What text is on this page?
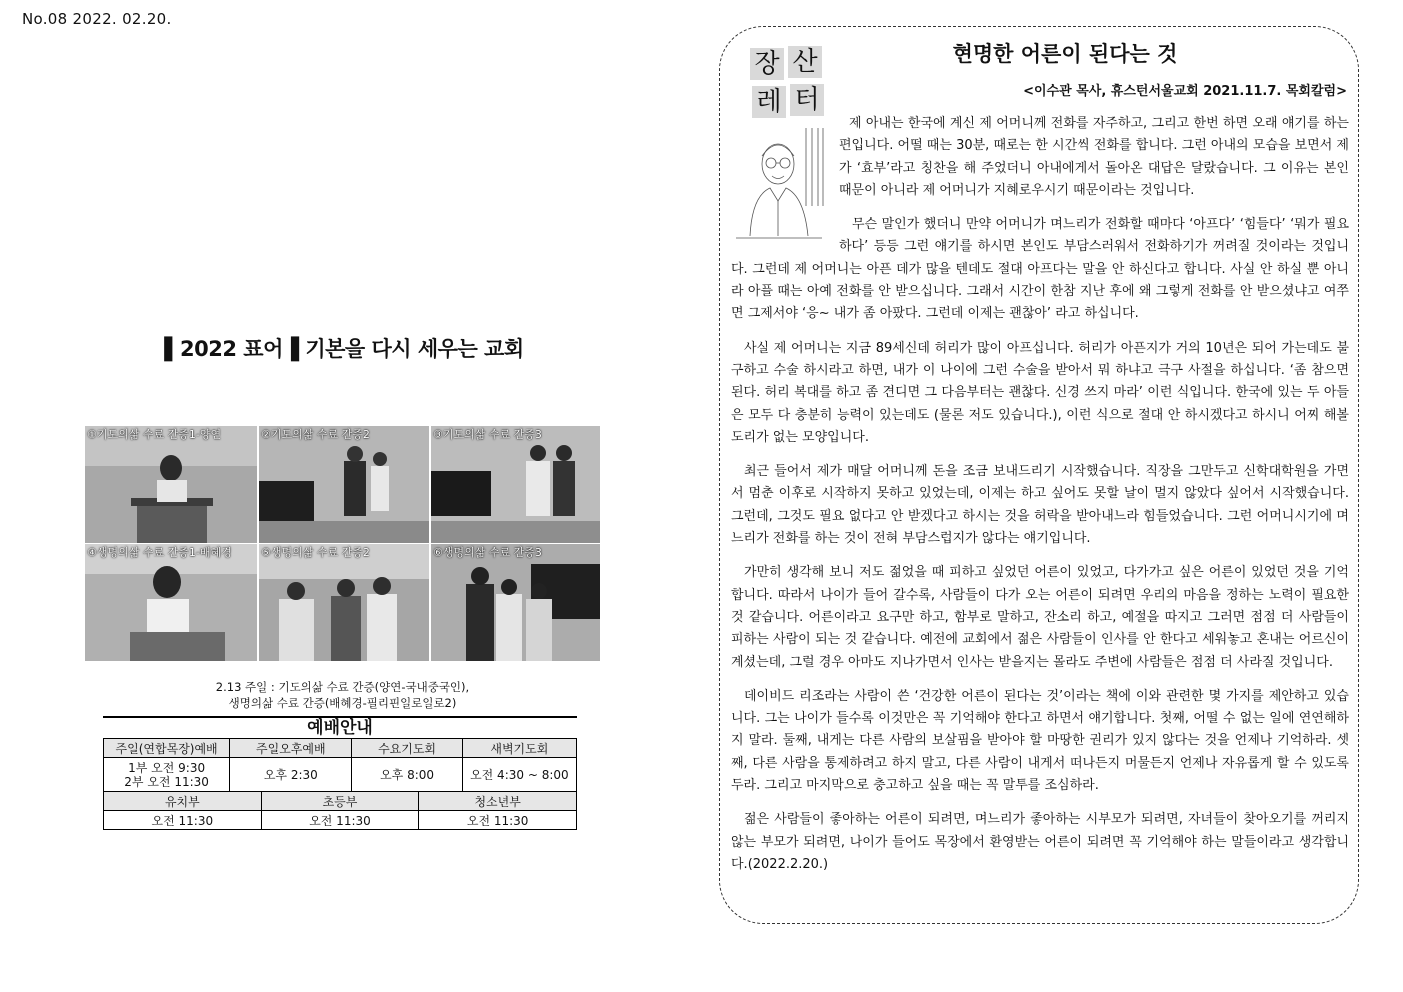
No.08 2022. 02.20.
▌2022 표어▐ 기본을 다시 세우는 교회
①기도의삶 수료 간증1-양연	②기도의삶 수료 간증2	③기도의삶 수료 간증3
④생명의삶 수료 간증1-배혜경	⑤생명의삶 수료 간증2	⑥생명의삶 수료 간증3
2.13 주일 : 기도의삶 수료 간증(양연-국내중국인),
생명의삶 수료 간증(배혜경-필리핀일로일로2)
예배안내
주일(연합목장)예배	주일오후예배	수요기도회	새벽기도회

1부 오전 9:30
2부 오전 11:30	오후 2:30	오후 8:00	오전 4:30 ~ 8:00
유치부	초등부	청소년부
오전 11:30	오전 11:30	오전 11:30
장 산
레 터
현명한 어른이 된다는 것
<이수관 목사, 휴스턴서울교회 2021.11.7. 목회칼럼>

제 아내는 한국에 계신 제 어머니께 전화를 자주하고, 그리고 한번 하면 오래 얘기를 하는 편입니다. 어떨 때는 30분, 때로는 한 시간씩 전화를 합니다. 그런 아내의 모습을 보면서 제가 ‘효부’라고 칭찬을 해 주었더니 아내에게서 돌아온 대답은 달랐습니다. 그 이유는 본인 때문이 아니라 제 어머니가 지혜로우시기 때문이라는 것입니다.

무슨 말인가 했더니 만약 어머니가 며느리가 전화할 때마다 ‘아프다’ ‘힘들다’ ‘뭐가 필요하다’ 등등 그런 얘기를 하시면 본인도 부담스러워서 전화하기가 꺼려질 것이라는 것입니다. 그런데 제 어머니는 아픈 데가 많을 텐데도 절대 아프다는 말을 안 하신다고 합니다. 사실 안 하실 뿐 아니라 아플 때는 아예 전화를 안 받으십니다. 그래서 시간이 한참 지난 후에 왜 그렇게 전화를 안 받으셨냐고 여쭈면 그제서야 ‘응~ 내가 좀 아팠다. 그런데 이제는 괜찮아’ 라고 하십니다.

사실 제 어머니는 지금 89세신데 허리가 많이 아프십니다. 허리가 아픈지가 거의 10년은 되어 가는데도 불구하고 수술 하시라고 하면, 내가 이 나이에 그런 수술을 받아서 뭐 하냐고 극구 사절을 하십니다. ‘좀 참으면 된다. 허리 복대를 하고 좀 견디면 그 다음부터는 괜찮다. 신경 쓰지 마라’ 이런 식입니다. 한국에 있는 두 아들은 모두 다 충분히 능력이 있는데도 (물론 저도 있습니다.), 이런 식으로 절대 안 하시겠다고 하시니 어찌 해볼 도리가 없는 모양입니다.

최근 들어서 제가 매달 어머니께 돈을 조금 보내드리기 시작했습니다. 직장을 그만두고 신학대학원을 가면서 멈춘 이후로 시작하지 못하고 있었는데, 이제는 하고 싶어도 못할 날이 멀지 않았다 싶어서 시작했습니다. 그런데, 그것도 필요 없다고 안 받겠다고 하시는 것을 허락을 받아내느라 힘들었습니다. 그런 어머니시기에 며느리가 전화를 하는 것이 전혀 부담스럽지가 않다는 얘기입니다.

가만히 생각해 보니 저도 젊었을 때 피하고 싶었던 어른이 있었고, 다가가고 싶은 어른이 있었던 것을 기억합니다. 따라서 나이가 들어 갈수록, 사람들이 다가 오는 어른이 되려면 우리의 마음을 정하는 노력이 필요한 것 같습니다. 어른이라고 요구만 하고, 함부로 말하고, 잔소리 하고, 예절을 따지고 그러면 점점 더 사람들이 피하는 사람이 되는 것 같습니다. 예전에 교회에서 젊은 사람들이 인사를 안 한다고 세워놓고 혼내는 어르신이 계셨는데, 그럴 경우 아마도 지나가면서 인사는 받을지는 몰라도 주변에 사람들은 점점 더 사라질 것입니다.

데이비드 리조라는 사람이 쓴 ‘건강한 어른이 된다는 것’이라는 책에 이와 관련한 몇 가지를 제안하고 있습니다. 그는 나이가 들수록 이것만은 꼭 기억해야 한다고 하면서 얘기합니다. 첫째, 어떨 수 없는 일에 연연해하지 말라. 둘째, 내게는 다른 사람의 보살핌을 받아야 할 마땅한 권리가 있지 않다는 것을 언제나 기억하라. 셋째, 다른 사람을 통제하려고 하지 말고, 다른 사람이 내게서 떠나든지 머물든지 언제나 자유롭게 할 수 있도록 두라. 그리고 마지막으로 충고하고 싶을 때는 꼭 말투를 조심하라.

젊은 사람들이 좋아하는 어른이 되려면, 며느리가 좋아하는 시부모가 되려면, 자녀들이 찾아오기를 꺼리지 않는 부모가 되려면, 나이가 들어도 목장에서 환영받는 어른이 되려면 꼭 기억해야 하는 말들이라고 생각합니다.(2022.2.20.)
